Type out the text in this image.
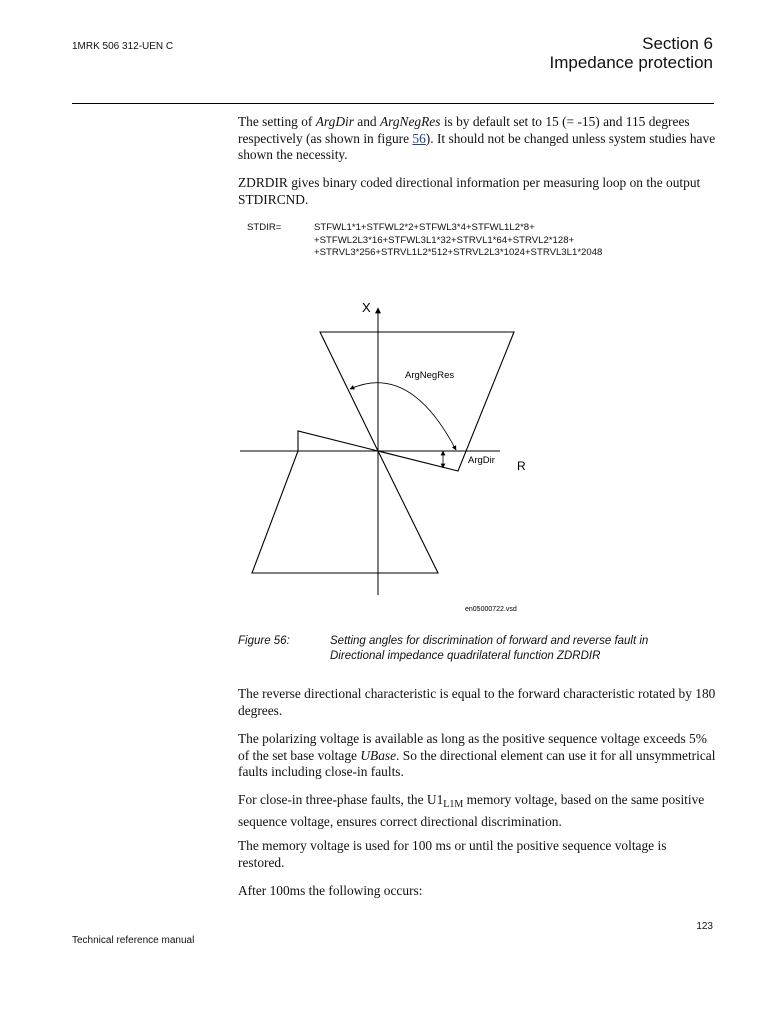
1MRK 506 312-UEN C	Section 6
Impedance protection
The setting of ArgDir and ArgNegRes is by default set to 15 (= -15) and 115 degrees respectively (as shown in figure 56). It should not be changed unless system studies have shown the necessity.
ZDRDIR gives binary coded directional information per measuring loop on the output STDIRCND.
STDIR=	STFWL1*1+STFWL2*2+STFWL3*4+STFWL1L2*8+
+STFWL2L3*16+STFWL3L1*32+STRVL1*64+STRVL2*128+
+STRVL3*256+STRVL1L2*512+STRVL2L3*1024+STRVL3L1*2048
X
R
ArgNegRes
ArgDir
en05000722.vsd
Figure 56:	Setting angles for discrimination of forward and reverse fault in Directional impedance quadrilateral function ZDRDIR
The reverse directional characteristic is equal to the forward characteristic rotated by 180 degrees.
The polarizing voltage is available as long as the positive sequence voltage exceeds 5% of the set base voltage UBase. So the directional element can use it for all unsymmetrical faults including close-in faults.
For close-in three-phase faults, the $U1_{L1M}$ memory voltage, based on the same positive sequence voltage, ensures correct directional discrimination.
The memory voltage is used for 100 ms or until the positive sequence voltage is restored.
After 100ms the following occurs:
123
Technical reference manual
